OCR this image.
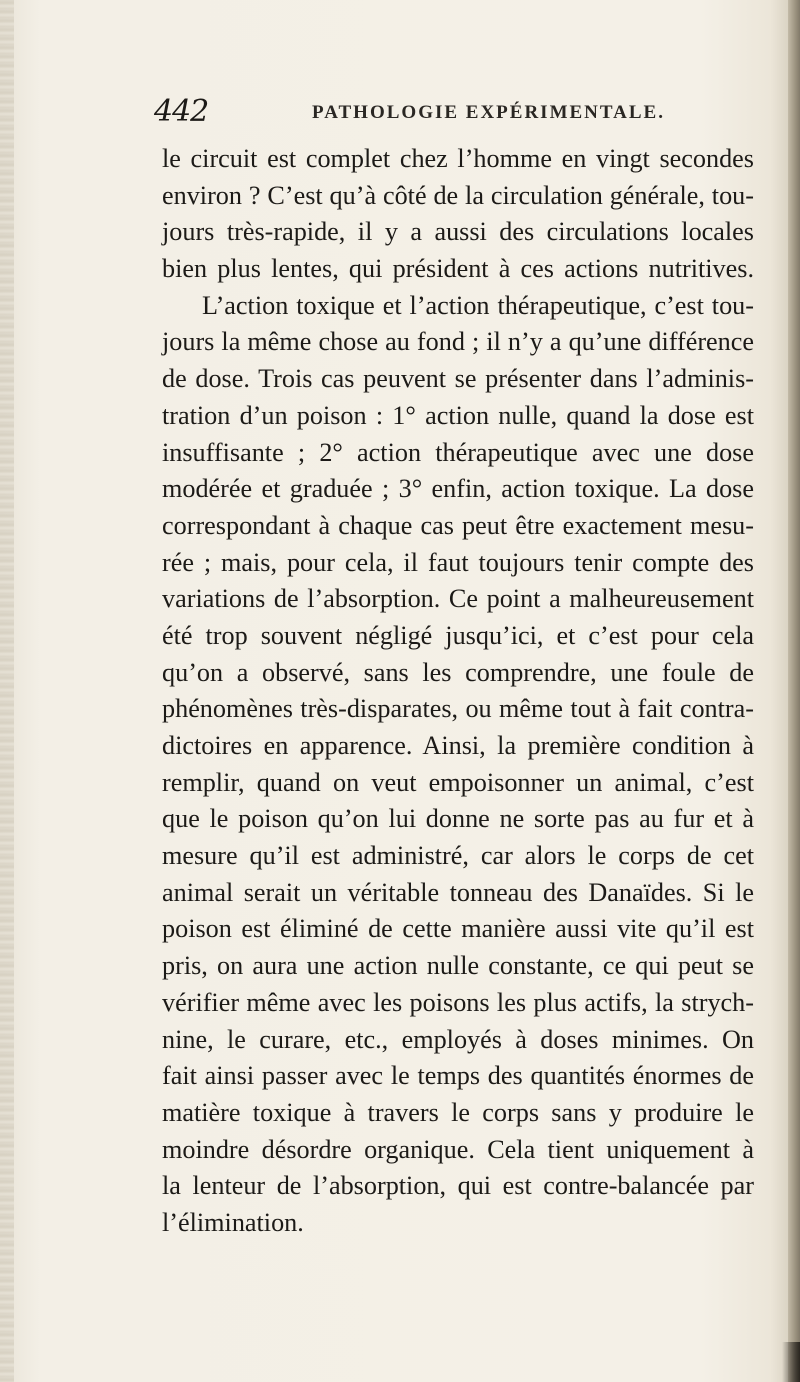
442	PATHOLOGIE EXPÉRIMENTALE.
le circuit est complet chez l’homme en vingt secondes
environ ? C’est qu’à côté de la circulation générale, tou-
jours très-rapide, il y a aussi des circulations locales
bien plus lentes, qui président à ces actions nutritives.
L’action toxique et l’action thérapeutique, c’est tou-
jours la même chose au fond ; il n’y a qu’une différence
de dose. Trois cas peuvent se présenter dans l’adminis-
tration d’un poison : 1° action nulle, quand la dose est
insuffisante ; 2° action thérapeutique avec une dose
modérée et graduée ; 3° enfin, action toxique. La dose
correspondant à chaque cas peut être exactement mesu-
rée ; mais, pour cela, il faut toujours tenir compte des
variations de l’absorption. Ce point a malheureusement
été trop souvent négligé jusqu’ici, et c’est pour cela
qu’on a observé, sans les comprendre, une foule de
phénomènes très-disparates, ou même tout à fait contra-
dictoires en apparence. Ainsi, la première condition à
remplir, quand on veut empoisonner un animal, c’est
que le poison qu’on lui donne ne sorte pas au fur et à
mesure qu’il est administré, car alors le corps de cet
animal serait un véritable tonneau des Danaïdes. Si le
poison est éliminé de cette manière aussi vite qu’il est
pris, on aura une action nulle constante, ce qui peut se
vérifier même avec les poisons les plus actifs, la strych-
nine, le curare, etc., employés à doses minimes. On
fait ainsi passer avec le temps des quantités énormes de
matière toxique à travers le corps sans y produire le
moindre désordre organique. Cela tient uniquement à
la lenteur de l’absorption, qui est contre-balancée par
l’élimination.
